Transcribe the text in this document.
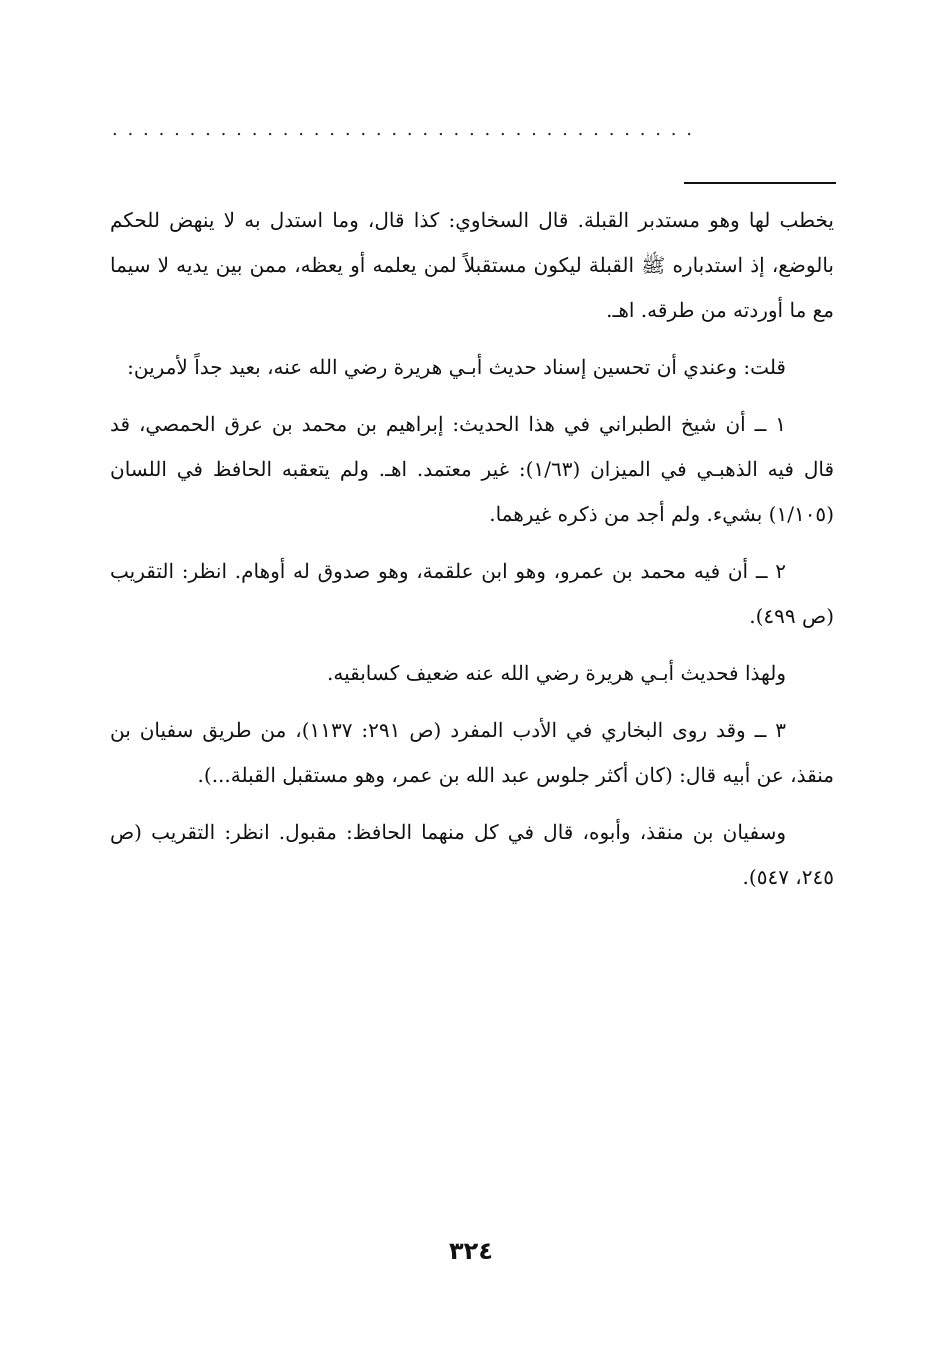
......................................

يخطب لها وهو مستدبر القبلة. قال السخاوي: كذا قال، وما استدل به لا ينهض للحكم بالوضع، إذ استدباره ﷺ القبلة ليكون مستقبلاً لمن يعلمه أو يعظه، ممن بين يديه لا سيما مع ما أوردته من طرقه. اهـ.

قلت: وعندي أن تحسين إسناد حديث أبـي هريرة رضي الله عنه، بعيد جداً لأمرين:

١ ــ أن شيخ الطبراني في هذا الحديث: إبراهيم بن محمد بن عرق الحمصي، قد قال فيه الذهبـي في الميزان (١/٦٣): غير معتمد. اهـ. ولم يتعقبه الحافظ في اللسان (١/١٠٥) بشيء. ولم أجد من ذكره غيرهما.

٢ ــ أن فيه محمد بن عمرو، وهو ابن علقمة، وهو صدوق له أوهام. انظر: التقريب (ص ٤٩٩).

ولهذا فحديث أبـي هريرة رضي الله عنه ضعيف كسابقيه.

٣ ــ وقد روى البخاري في الأدب المفرد (ص ٢٩١: ١١٣٧)، من طريق سفيان بن منقذ، عن أبيه قال: (كان أكثر جلوس عبد الله بن عمر، وهو مستقبل القبلة...).

وسفيان بن منقذ، وأبوه، قال في كل منهما الحافظ: مقبول. انظر: التقريب (ص ٢٤٥، ٥٤٧).

٣٢٤
